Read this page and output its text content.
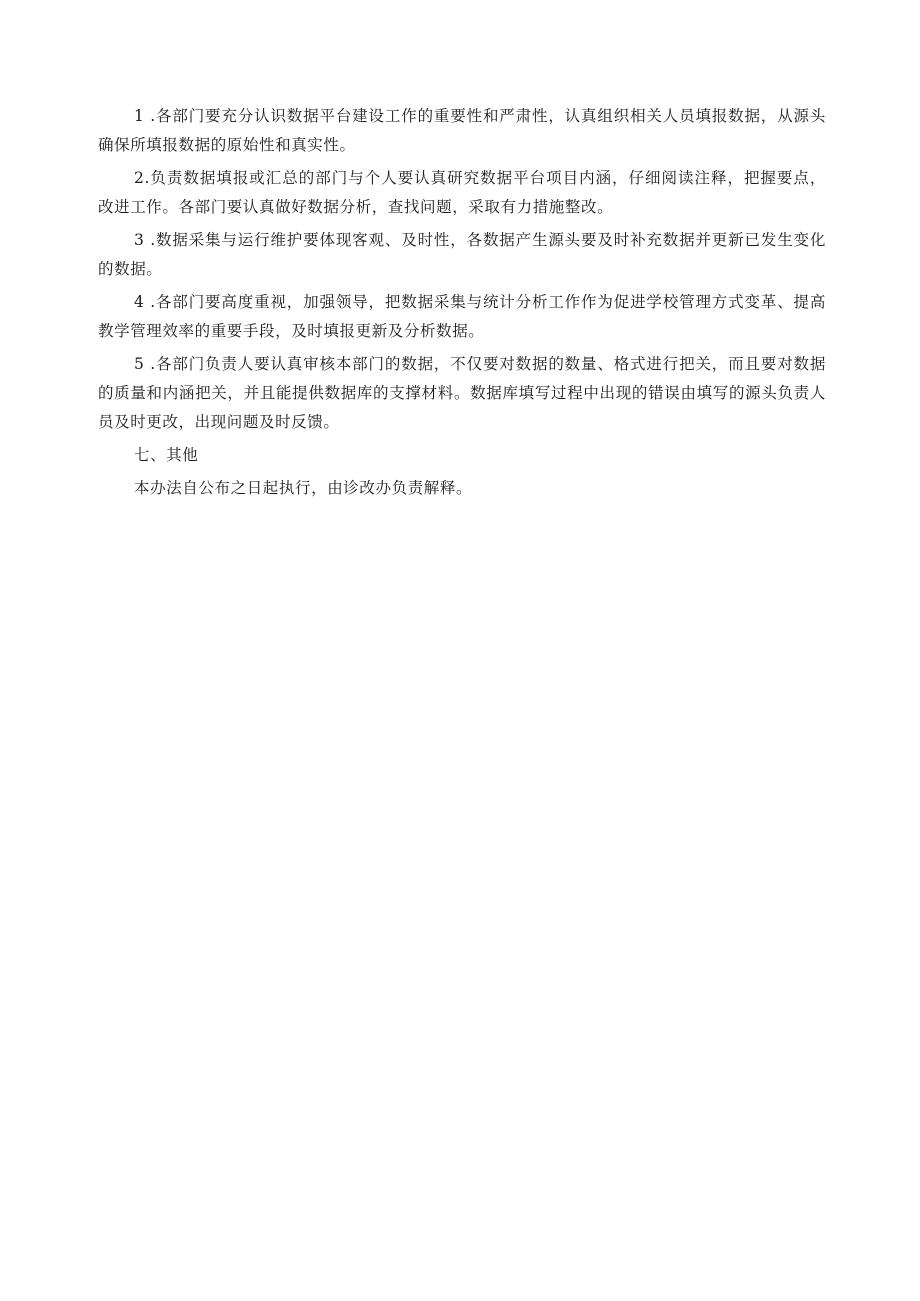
1 .各部门要充分认识数据平台建设工作的重要性和严肃性，认真组织相关人员填报数据，从源头确保所填报数据的原始性和真实性。

2.负责数据填报或汇总的部门与个人要认真研究数据平台项目内涵，仔细阅读注释，把握要点，改进工作。各部门要认真做好数据分析，查找问题，采取有力措施整改。

3 .数据采集与运行维护要体现客观、及时性，各数据产生源头要及时补充数据并更新已发生变化的数据。

4 .各部门要高度重视，加强领导，把数据采集与统计分析工作作为促进学校管理方式变革、提高教学管理效率的重要手段，及时填报更新及分析数据。

5 .各部门负责人要认真审核本部门的数据，不仅要对数据的数量、格式进行把关，而且要对数据的质量和内涵把关，并且能提供数据库的支撑材料。数据库填写过程中出现的错误由填写的源头负责人员及时更改，出现问题及时反馈。

七、其他

本办法自公布之日起执行，由诊改办负责解释。
